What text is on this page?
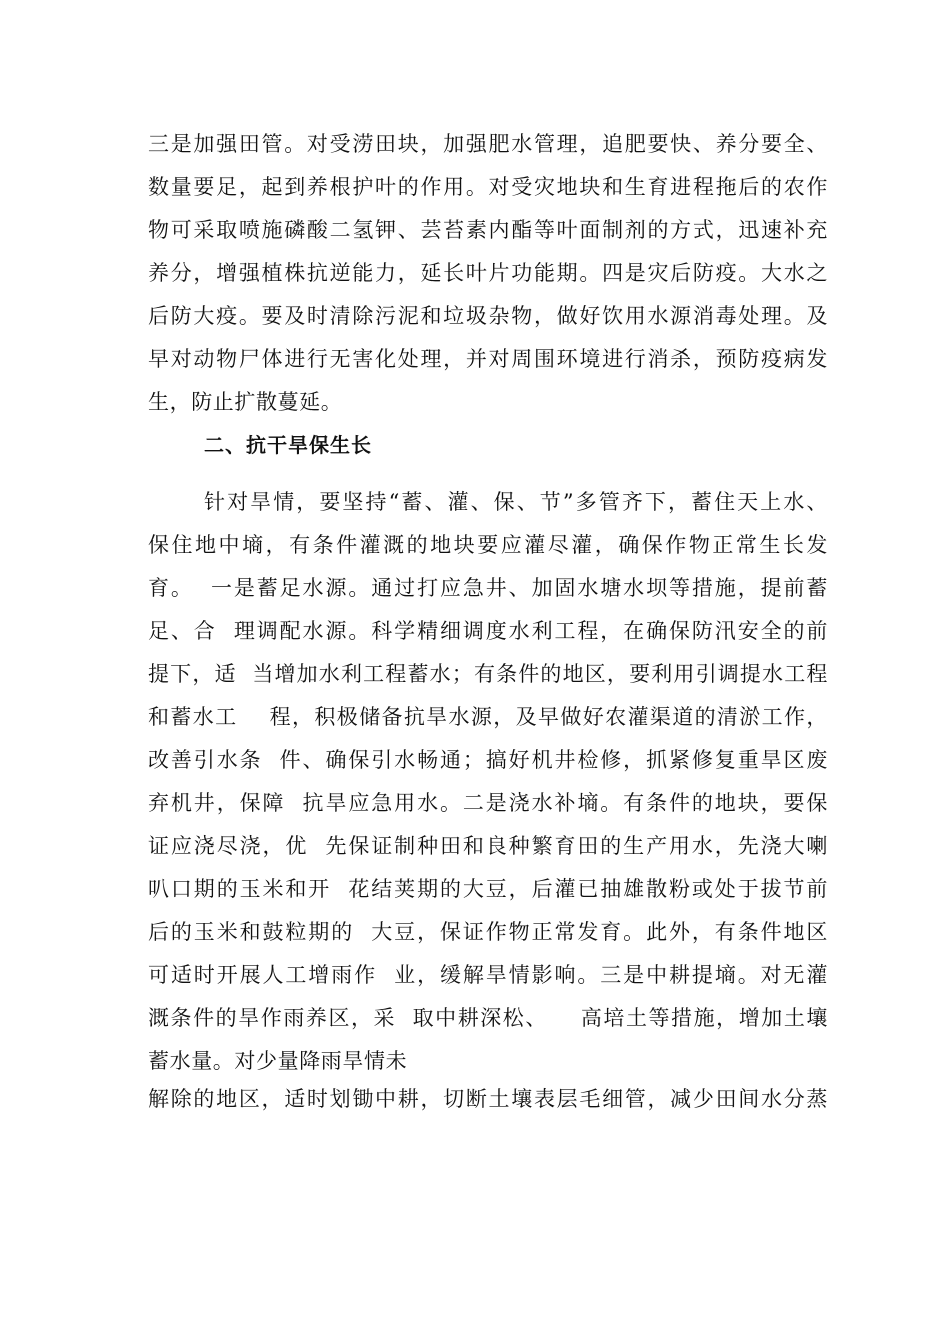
三是加强田管。对受涝田块，加强肥水管理，追肥要快、养分要全、
数量要足，起到养根护叶的作用。对受灾地块和生育进程拖后的农作
物可采取喷施磷酸二氢钾、芸苔素内酯等叶面制剂的方式，迅速补充
养分，增强植株抗逆能力，延长叶片功能期。四是灾后防疫。大水之
后防大疫。要及时清除污泥和垃圾杂物，做好饮用水源消毒处理。及
早对动物尸体进行无害化处理，并对周围环境进行消杀，预防疫病发
生，防止扩散蔓延。
二、抗干旱保生长
针对旱情，要坚持“蓄、灌、保、节”多管齐下，蓄住天上水、
保住地中墒，有条件灌溉的地块要应灌尽灌，确保作物正常生长发
育。  一是蓄足水源。通过打应急井、加固水塘水坝等措施，提前蓄
足、合  理调配水源。科学精细调度水利工程，在确保防汛安全的前
提下，适  当增加水利工程蓄水；有条件的地区，要利用引调提水工程
和蓄水工    程，积极储备抗旱水源，及早做好农灌渠道的清淤工作，
改善引水条  件、确保引水畅通；搞好机井检修，抓紧修复重旱区废
弃机井，保障  抗旱应急用水。二是浇水补墒。有条件的地块，要保
证应浇尽浇，优  先保证制种田和良种繁育田的生产用水，先浇大喇
叭口期的玉米和开  花结荚期的大豆，后灌已抽雄散粉或处于拔节前
后的玉米和鼓粒期的  大豆，保证作物正常发育。此外，有条件地区
可适时开展人工增雨作  业，缓解旱情影响。三是中耕提墒。对无灌
溉条件的旱作雨养区，采  取中耕深松、    高培土等措施，增加土壤
蓄水量。对少量降雨旱情未
解除的地区，适时划锄中耕，切断土壤表层毛细管，减少田间水分蒸
